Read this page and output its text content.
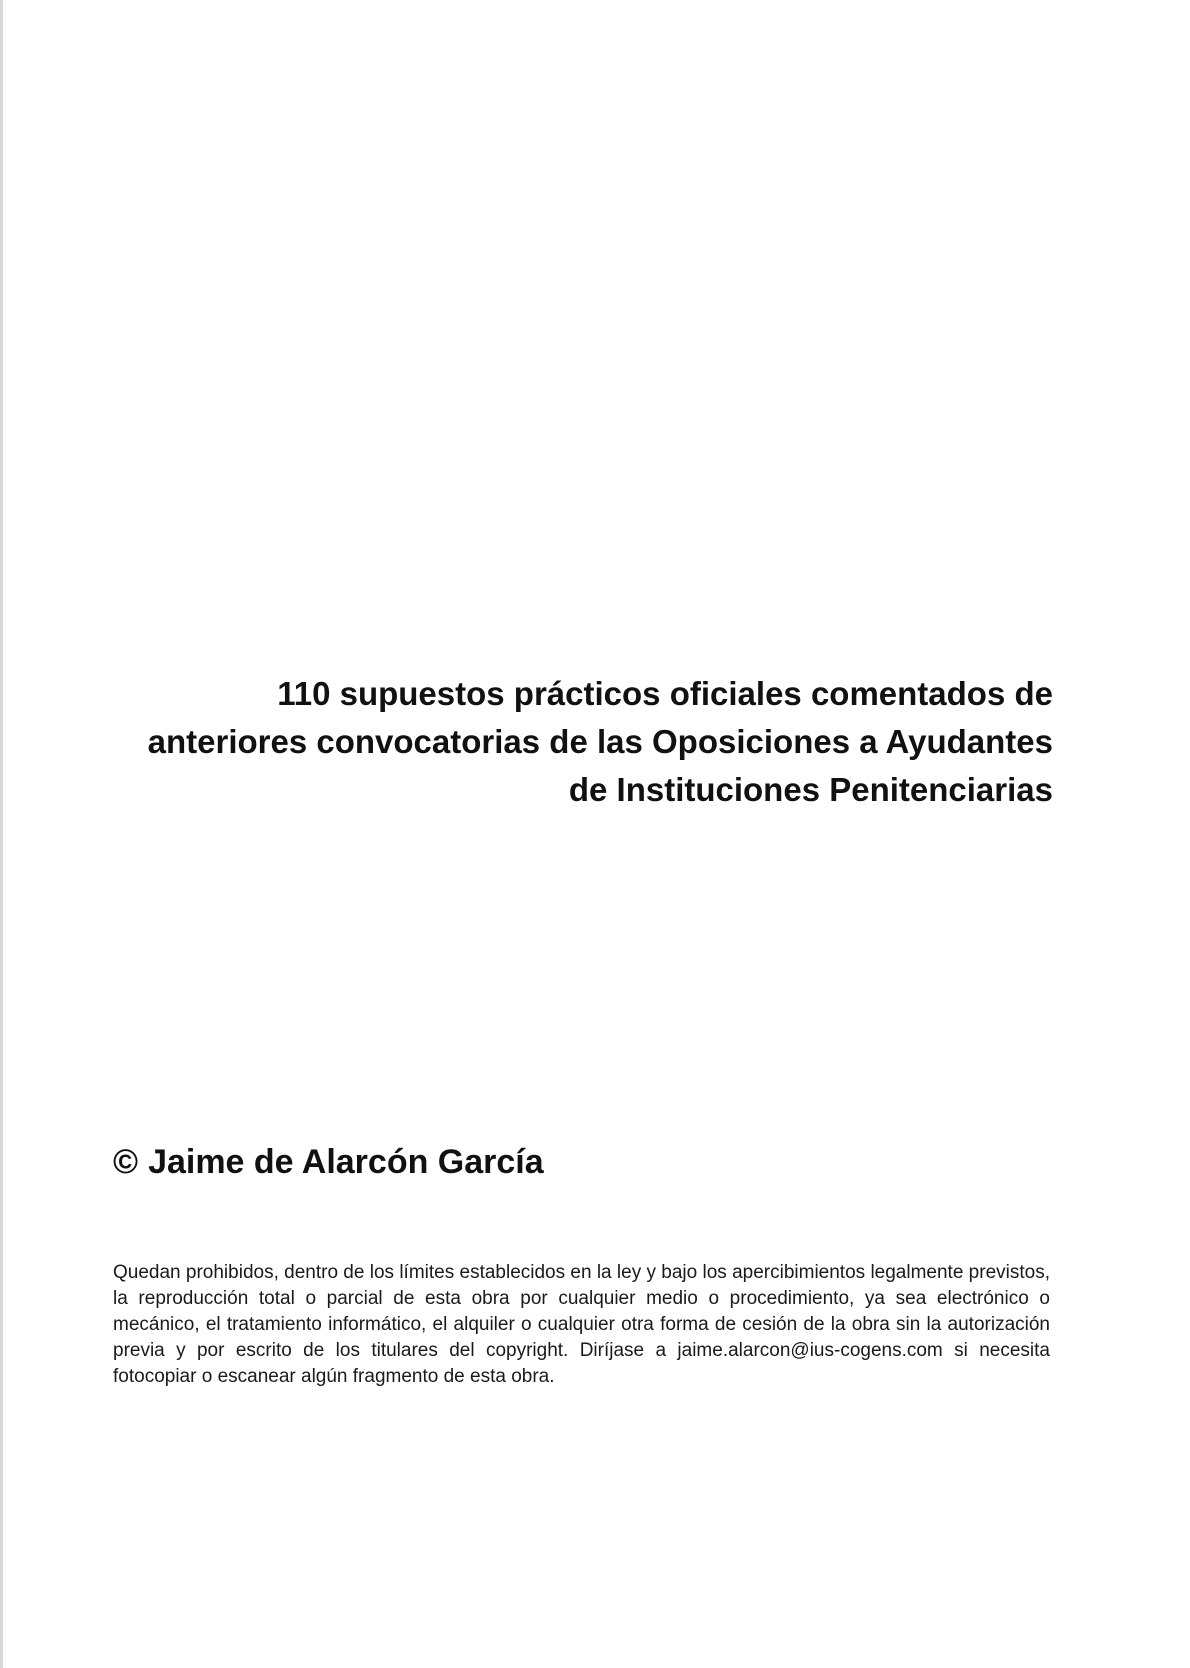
110 supuestos prácticos oficiales comentados de
anteriores convocatorias de las Oposiciones a Ayudantes
de Instituciones Penitenciarias
© Jaime de Alarcón García

Quedan prohibidos, dentro de los límites establecidos en la ley y bajo los apercibimientos legalmente previstos, la reproducción total o parcial de esta obra por cualquier medio o procedimiento, ya sea electrónico o mecánico, el tratamiento informático, el alquiler o cualquier otra forma de cesión de la obra sin la autorización previa y por escrito de los titulares del copyright. Diríjase a jaime.alarcon@ius-cogens.com si necesita fotocopiar o escanear algún fragmento de esta obra.
